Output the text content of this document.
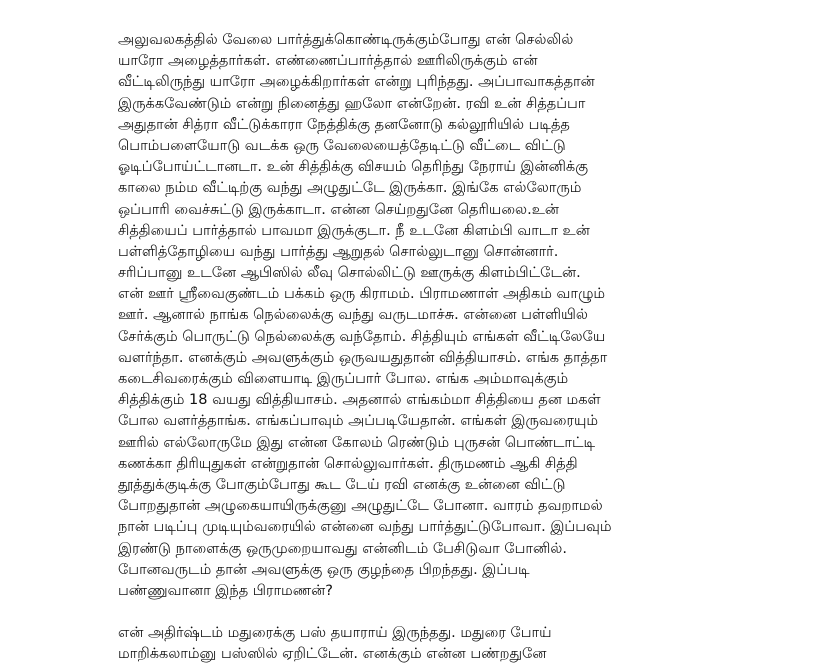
அலுவலகத்தில் வேலை பார்த்துக்கொண்டிருக்கும்போது என் செல்லில்
யாரோ அழைத்தார்கள். எண்ணைப்பார்த்தால் ஊரிலிருக்கும் என்
வீட்டிலிருந்து யாரோ அழைக்கிறார்கள் என்று புரிந்தது. அப்பாவாகத்தான்
இருக்கவேண்டும் என்று நினைத்து ஹலோ என்றேன். ரவி உன் சித்தப்பா
அதுதான் சித்ரா வீட்டுக்காரா நேத்திக்கு தனனோடு கல்லூரியில் படித்த
பொம்பளையோடு வடக்க ஒரு வேலையைத்தேடிட்டு வீட்டை விட்டு
ஓடிப்போய்ட்டானடா. உன் சித்திக்கு விசயம் தெரிந்து நேராய் இன்னிக்கு
காலை நம்ம வீட்டிற்கு வந்து அழுதுட்டே இருக்கா. இங்கே எல்லோரும்
ஒப்பாரி வைச்சுட்டு இருக்காடா. என்ன செய்றதுனே தெரியலை.உன்
சித்தியைப் பார்த்தால் பாவமா இருக்குடா. நீ உடனே கிளம்பி வாடா உன்
பள்ளித்தோழியை வந்து பார்த்து ஆறுதல் சொல்லுடானு சொன்னார்.
சரிப்பானு உடனே ஆபிஸில் லீவு சொல்லிட்டு ஊருக்கு கிளம்பிட்டேன்.
என் ஊர் ஸ்ரீவைகுண்டம் பக்கம் ஒரு கிராமம். பிராமணாள் அதிகம் வாழும்
ஊர். ஆனால் நாங்க நெல்லைக்கு வந்து வருடமாச்சு. என்னை பள்ளியில்
சேர்க்கும் பொருட்டு நெல்லைக்கு வந்தோம். சித்தியும் எங்கள் வீட்டிலேயே
வளர்ந்தா. எனக்கும் அவளுக்கும் ஒருவயதுதான் வித்தியாசம். எங்க தாத்தா
கடைசிவரைக்கும் விளையாடி இருப்பார் போல. எங்க அம்மாவுக்கும்
சித்திக்கும் 18 வயது வித்தியாசம். அதனால் எங்கம்மா சித்தியை தன மகள்
போல வளர்த்தாங்க. எங்கப்பாவும் அப்படியேதான். எங்கள் இருவரையும்
ஊரில் எல்லோருமே இது என்ன கோலம் ரெண்டும் புருசன் பொண்டாட்டி
கணக்கா திரியுதுகள் என்றுதான் சொல்லுவார்கள். திருமணம் ஆகி சித்தி
தூத்துக்குடிக்கு போகும்போது கூட டேய் ரவி எனக்கு உன்னை விட்டு
போறதுதான் அழுகையாயிருக்குனு அழுதுட்டே போனா. வாரம் தவறாமல்
நான் படிப்பு முடியும்வரையில் என்னை வந்து பார்த்துட்டுபோவா. இப்பவும்
இரண்டு நாளைக்கு ஒருமுறையாவது என்னிடம் பேசிடுவா போனில்.
போனவருடம் தான் அவளுக்கு ஒரு குழந்தை பிறந்தது. இப்படி
பண்ணுவானா இந்த பிராமணன்?
என் அதிர்ஷ்டம் மதுரைக்கு பஸ் தயாராய் இருந்தது. மதுரை போய்
மாறிக்கலாம்னு பஸ்ஸில் ஏறிட்டேன். எனக்கும் என்ன பண்றதுனே
